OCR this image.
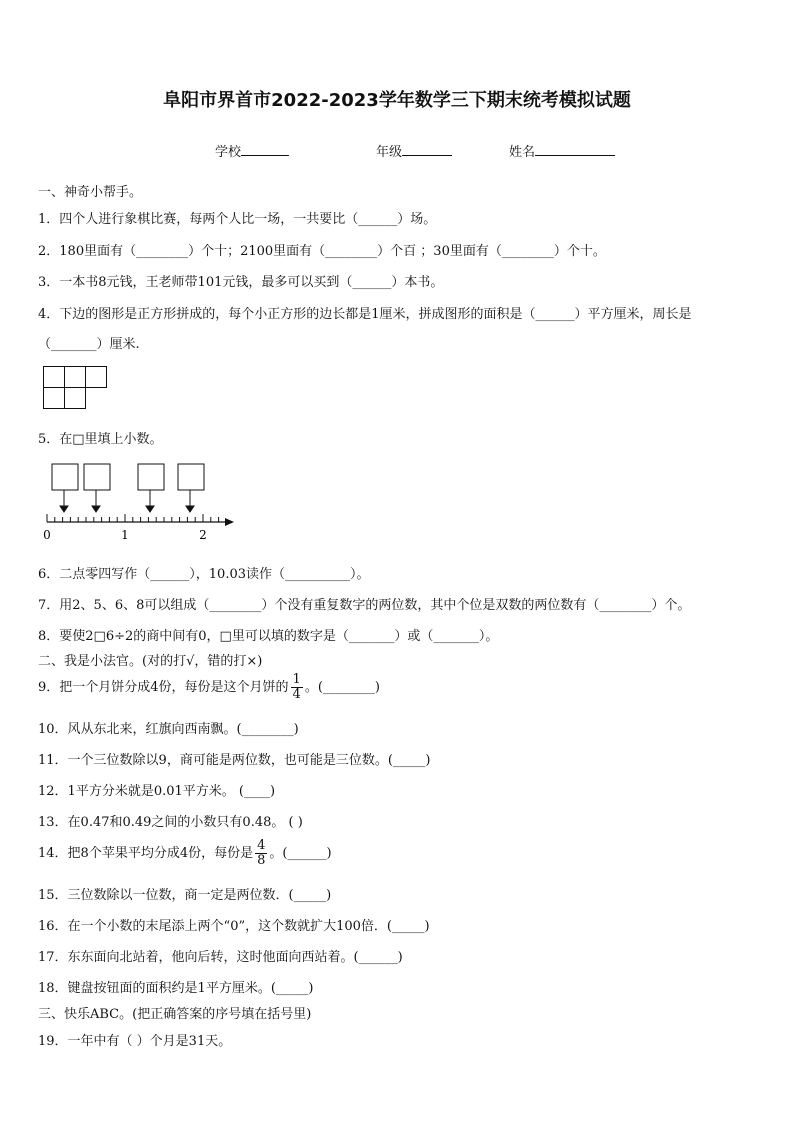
阜阳市界首市2022-2023学年数学三下期末统考模拟试题
学校	年级	姓名
一、神奇小帮手。
1．四个人进行象棋比赛，每两个人比一场，一共要比（______）场。
2．180里面有（________）个十；2100里面有（________）个百 ；30里面有（________）个十。
3．一本书8元钱，王老师带101元钱，最多可以买到（______）本书。
4．下边的图形是正方形拼成的，每个小正方形的边长都是1厘米，拼成图形的面积是（______）平方厘米，周长是
（_______）厘米.
5．在□里填上小数。
0	1	2
6．二点零四写作（______），10.03读作（__________）。
7．用2、5、6、8可以组成（________）个没有重复数字的两位数，其中个位是双数的两位数有（________）个。
8．要使2□6÷2的商中间有0，□里可以填的数字是（_______）或（_______）。
二、我是小法官。(对的打√，错的打×)
9．把一个月饼分成4份，每份是这个月饼的 $\frac{1}{4}$ 。(________)
10．风从东北来，红旗向西南飘。(________)
11．一个三位数除以9，商可能是两位数，也可能是三位数。(_____)
12．1平方分米就是0.01平方米。 (____)
13．在0.47和0.49之间的小数只有0.48。 ( )
14．把8个苹果平均分成4份，每份是 $\frac{4}{8}$ 。(______)
15．三位数除以一位数，商一定是两位数．(_____)
16．在一个小数的末尾添上两个“0”，这个数就扩大100倍．(_____)
17．东东面向北站着，他向后转，这时他面向西站着。(______)
18．键盘按钮面的面积约是1平方厘米。(_____)
三、快乐ABC。(把正确答案的序号填在括号里)
19．一年中有（ ）个月是31天。
